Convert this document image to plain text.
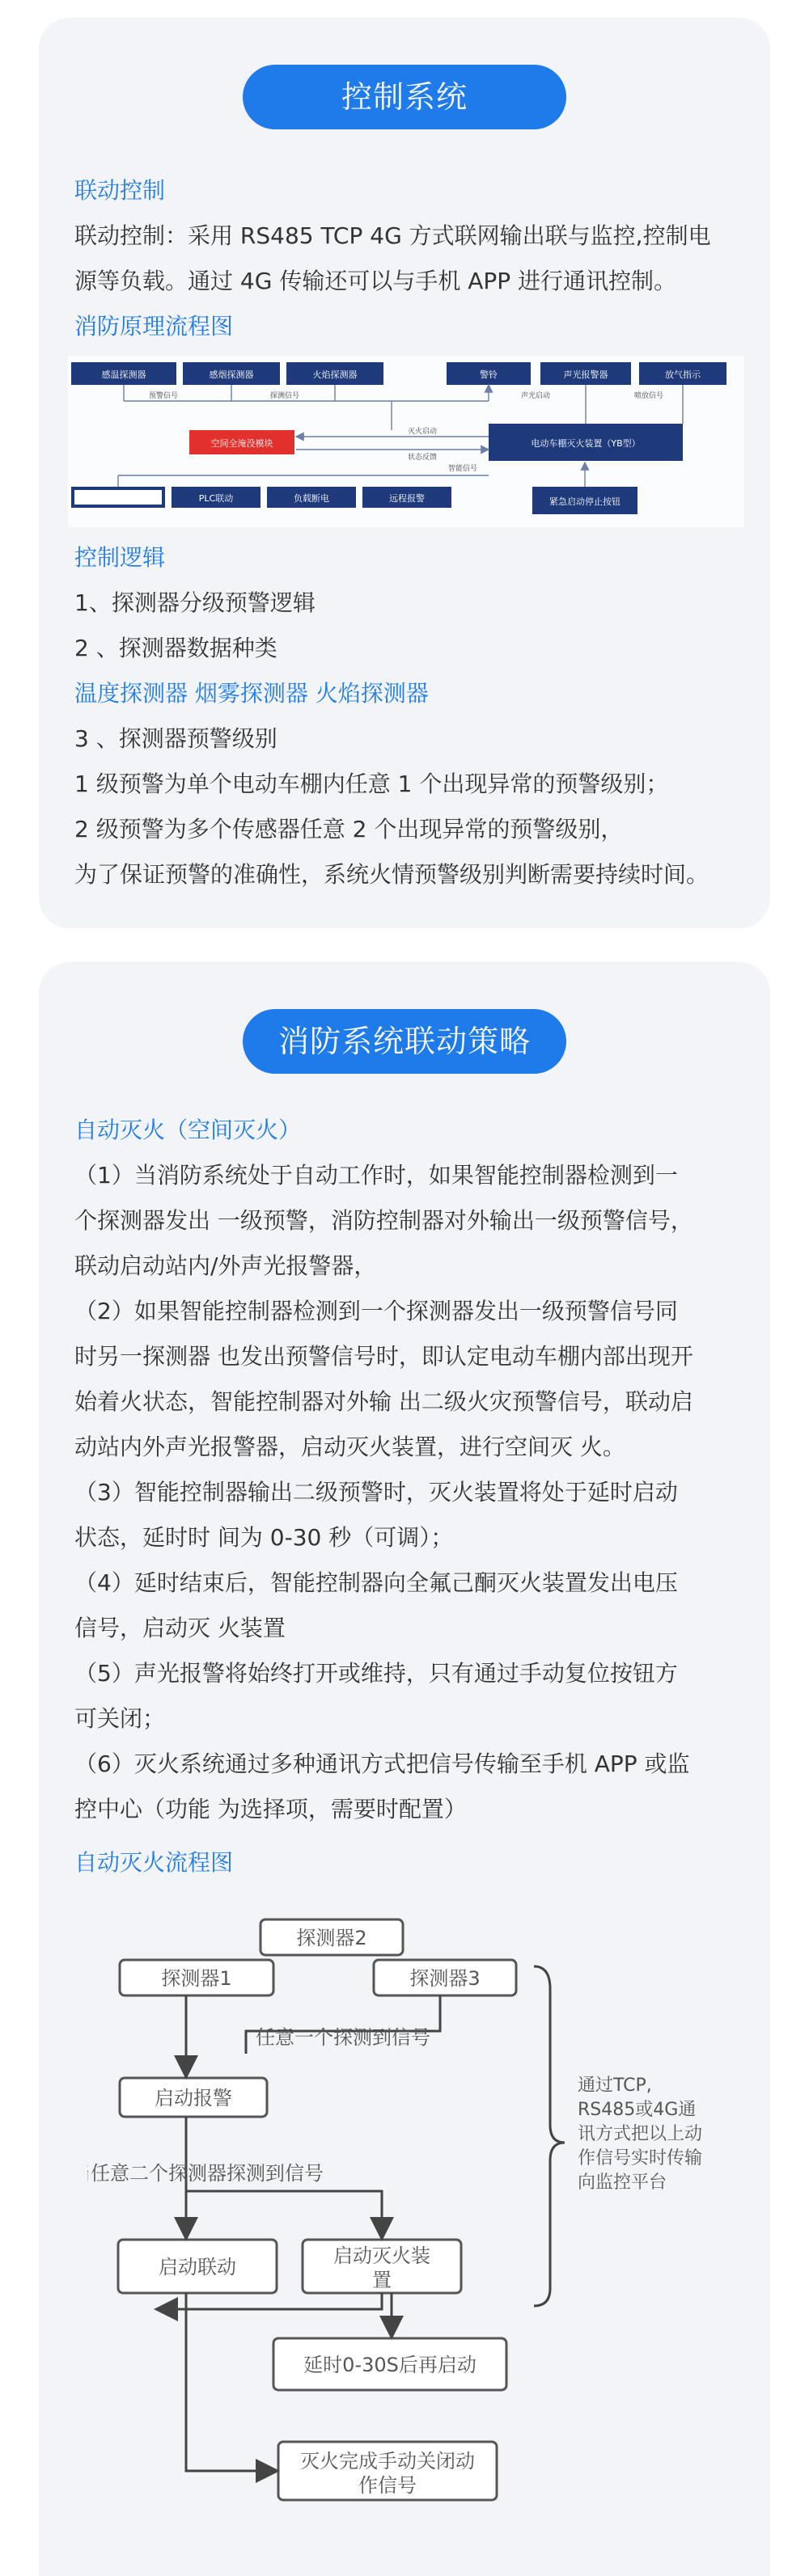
控制系统

联动控制

联动控制：采用 RS485 TCP 4G 方式联网输出联与监控,控制电

源等负载。通过 4G 传输还可以与手机 APP 进行通讯控制。

消防原理流程图

感温探测器	感烟探测器	火焰探测器	警铃	声光报警器	放气指示
空间全淹没模块	电动车棚灭火装置（YB型）
PLC联动	负载断电	远程报警	紧急启动停止按钮
预警信号	探测信号	声光启动
灭火启动
状态反馈
智能信号
喷放信号

控制逻辑

1、探测器分级预警逻辑

2 、探测器数据种类

温度探测器 烟雾探测器 火焰探测器

3 、探测器预警级别

1 级预警为单个电动车棚内任意 1 个出现异常的预警级别；

2 级预警为多个传感器任意 2 个出现异常的预警级别，

为了保证预警的准确性，系统火情预警级别判断需要持续时间。

消防系统联动策略

自动灭火（空间灭火）

（1）当消防系统处于自动工作时，如果智能控制器检测到一

个探测器发出 一级预警，消防控制器对外输出一级预警信号，

联动启动站内/外声光报警器，

（2）如果智能控制器检测到一个探测器发出一级预警信号同

时另一探测器 也发出预警信号时，即认定电动车棚内部出现开

始着火状态，智能控制器对外输 出二级火灾预警信号，联动启

动站内外声光报警器，启动灭火装置，进行空间灭 火。

（3）智能控制器输出二级预警时，灭火装置将处于延时启动

状态，延时时 间为 0-30 秒（可调）；

（4）延时结束后，智能控制器向全氟己酮灭火装置发出电压

信号，启动灭 火装置

（5）声光报警将始终打开或维持，只有通过手动复位按钮方

可关闭；

（6）灭火系统通过多种通讯方式把信号传输至手机 APP 或监

控中心（功能 为选择项，需要时配置）

自动灭火流程图

探测器2
探测器1	探测器3
启动报警
启动联动	启动灭火装
置
延时0-30S后再启动
灭火完成手动关闭动
作信号
任意一个探测到信号
当任意二个探测器探测到信号
通过TCP,
RS485或4G通
讯方式把以上动
作信号实时传输
向监控平台
